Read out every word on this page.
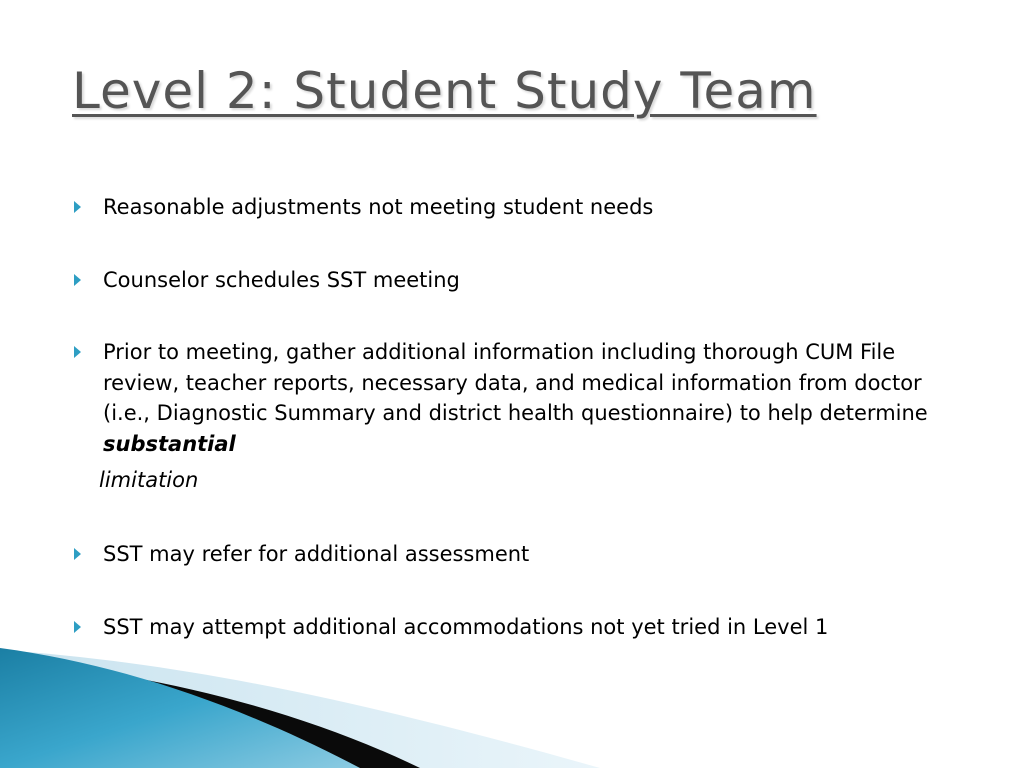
Level 2: Student Study Team
Reasonable adjustments not meeting student needs
Counselor schedules SST meeting
Prior to meeting, gather additional information including thorough CUM File review, teacher reports, necessary data, and medical information from doctor (i.e., Diagnostic Summary and district health questionnaire) to help determine substantial
limitation
SST may refer for additional assessment
SST may attempt additional accommodations not yet tried in Level 1
